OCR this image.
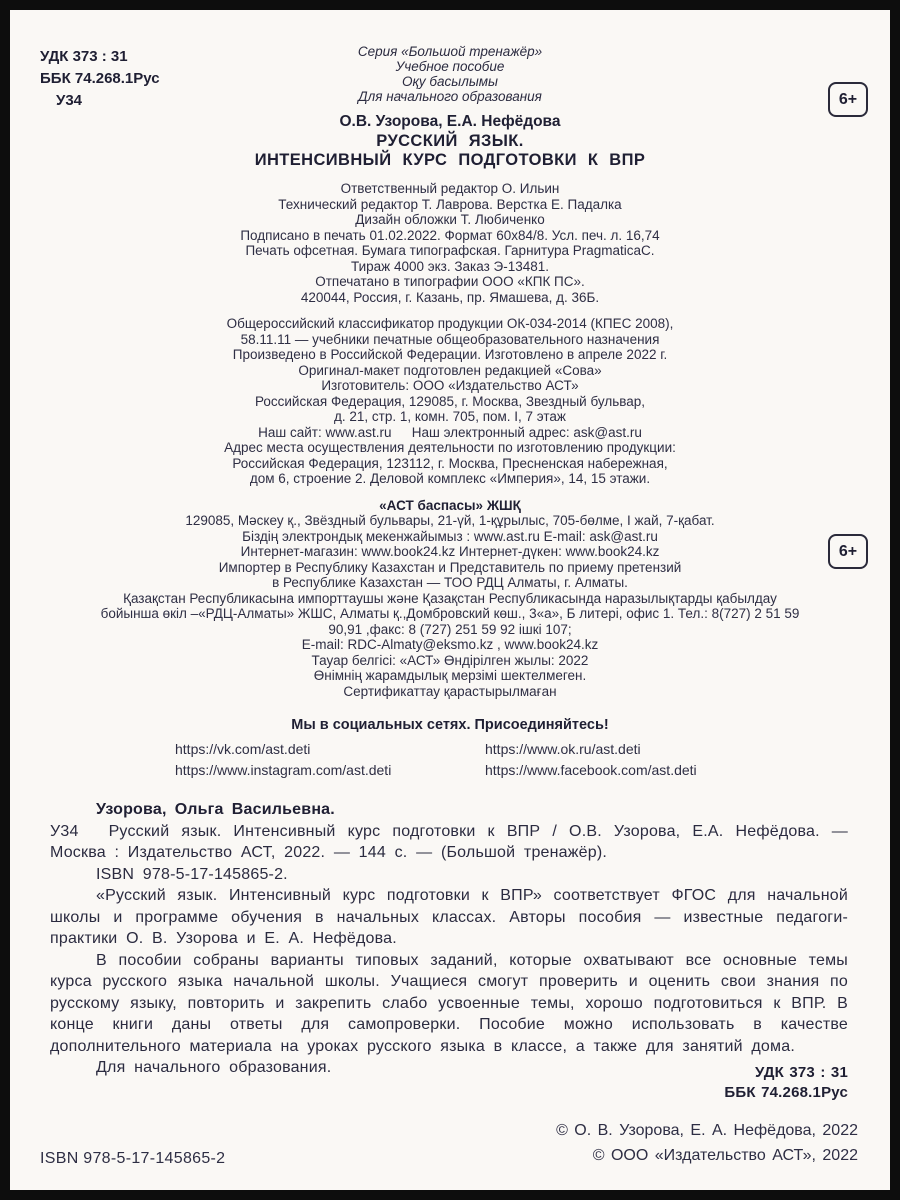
УДК 373 : 31
ББК 74.268.1Рус
У34	6+
6+
Серия «Большой тренажёр»
Учебное пособие
Оқу басылымы
Для начального образования
О.В. Узорова, Е.А. Нефёдова
РУССКИЙ ЯЗЫК.
ИНТЕНСИВНЫЙ КУРС ПОДГОТОВКИ К ВПР
Ответственный редактор О. Ильин
Технический редактор Т. Лаврова. Верстка Е. Падалка
Дизайн обложки Т. Любиченко
Подписано в печать 01.02.2022. Формат 60x84/8. Усл. печ. л. 16,74
Печать офсетная. Бумага типографская. Гарнитура PragmaticaC.
Тираж 4000 экз. Заказ Э-13481.
Отпечатано в типографии ООО «КПК ПС».
420044, Россия, г. Казань, пр. Ямашева, д. 36Б.
Общероссийский классификатор продукции ОК-034-2014 (КПЕС 2008),
58.11.11 — учебники печатные общеобразовательного назначения
Произведено в Российской Федерации. Изготовлено в апреле 2022 г.
Оригинал-макет подготовлен редакцией «Сова»
Изготовитель: ООО «Издательство АСТ»
Российская Федерация, 129085, г. Москва, Звездный бульвар,
д. 21, стр. 1, комн. 705, пом. I, 7 этаж
Наш сайт: www.ast.ru  Наш электронный адрес: ask@ast.ru
Адрес места осуществления деятельности по изготовлению продукции:
Российская Федерация, 123112, г. Москва, Пресненская набережная,
дом 6, строение 2. Деловой комплекс «Империя», 14, 15 этажи.
«АСТ баспасы» ЖШҚ
129085, Мәскеу қ., Звёздный бульвары, 21-үй, 1-құрылыс, 705-бөлме, I жай, 7-қабат.
Біздің электрондық мекенжайымыз : www.ast.ru E-mail: ask@ast.ru
Интернет-магазин: www.book24.kz Интернет-дүкен: www.book24.kz
Импортер в Республику Казахстан и Представитель по приему претензий
в Республике Казахстан — ТОО РДЦ Алматы, г. Алматы.
Қазақстан Республикасына импорттаушы және Қазақстан Республикасында наразылықтарды қабылдау
бойынша өкіл –«РДЦ-Алматы» ЖШС, Алматы қ.,Домбровский көш., 3«а», Б литері, офис 1. Тел.: 8(727) 2 51 59
90,91 ,факс: 8 (727) 251 59 92 ішкі 107;
E-mail: RDC-Almaty@eksmo.kz , www.book24.kz
Тауар белгісі: «АСТ» Өндірілген жылы: 2022
Өнімнің жарамдылық мерзімі шектелмеген.
Сертификаттау қарастырылмаған
Мы в социальных сетях. Присоединяйтесь!
https://vk.com/ast.deti
https://www.instagram.com/ast.deti
https://www.ok.ru/ast.deti
https://www.facebook.com/ast.deti

Узорова, Ольга Васильевна.

У34 Русский язык. Интенсивный курс подготовки к ВПР / О.В. Узорова, Е.А. Нефёдова. — Москва : Издательство АСТ, 2022. — 144 с. — (Большой тренажёр).

ISBN 978-5-17-145865-2.

«Русский язык. Интенсивный курс подготовки к ВПР» соответствует ФГОС для начальной школы и программе обучения в начальных классах. Авторы пособия — известные педагоги-практики О. В. Узорова и Е. А. Нефёдова.

В пособии собраны варианты типовых заданий, которые охватывают все основные темы курса русского языка начальной школы. Учащиеся смогут проверить и оценить свои знания по русскому языку, повторить и закрепить слабо усвоенные темы, хорошо подготовиться к ВПР. В конце книги даны ответы для самопроверки. Пособие можно использовать в качестве дополнительного материала на уроках русского языка в классе, а также для занятий дома.

Для начального образования.	УДК 373 : 31
ББК 74.268.1Рус
ISBN 978-5-17-145865-2
© О. В. Узорова, Е. А. Нефёдова, 2022
© ООО «Издательство АСТ», 2022
